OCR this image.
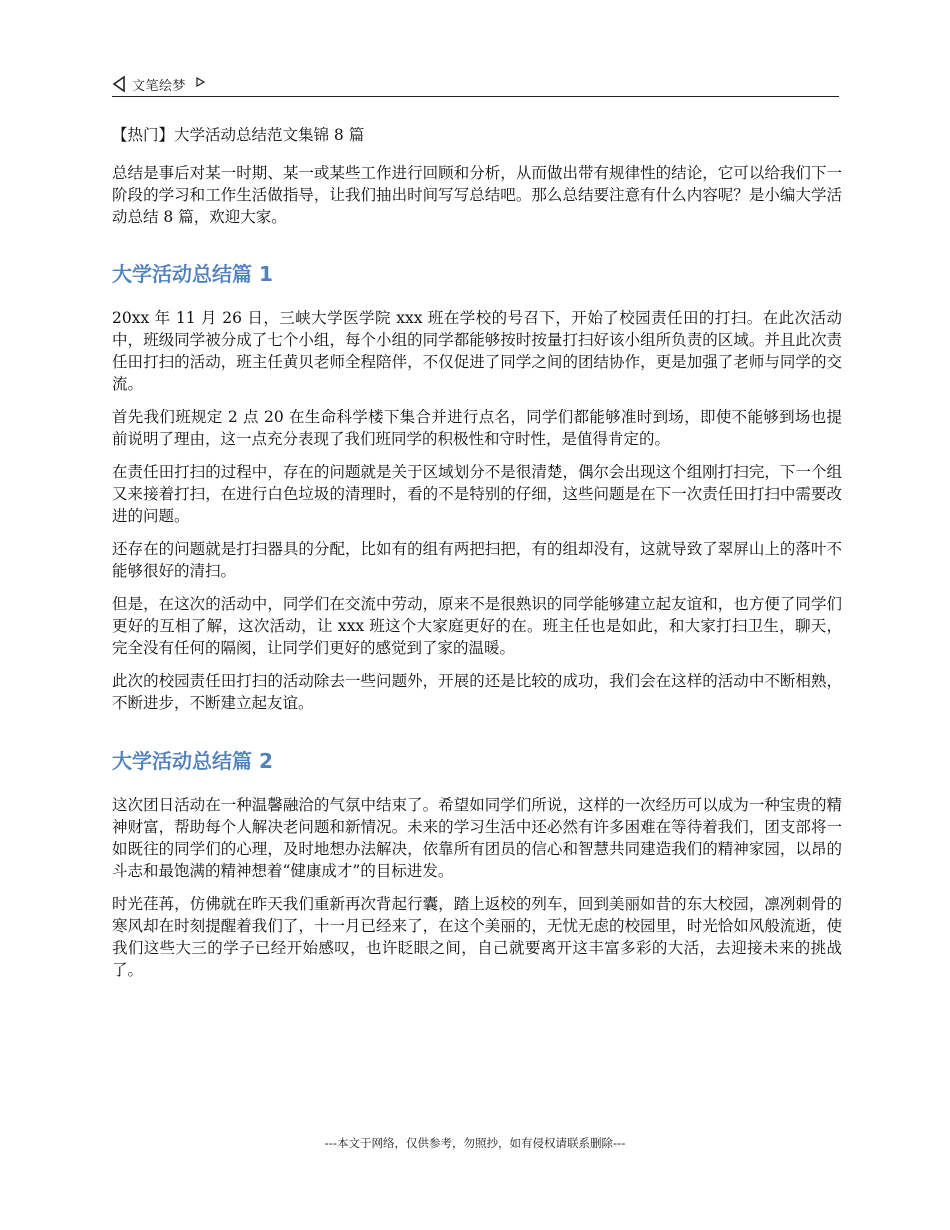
文笔绘梦
【热门】大学活动总结范文集锦 8 篇
总结是事后对某一时期、某一或某些工作进行回顾和分析，从而做出带有规律性的结论，它可以给我们下一阶段的学习和工作生活做指导，让我们抽出时间写写总结吧。那么总结要注意有什么内容呢？是小编大学活动总结 8 篇，欢迎大家。
大学活动总结篇 1
20xx 年 11 月 26 日，三峡大学医学院 xxx 班在学校的号召下，开始了校园责任田的打扫。在此次活动中，班级同学被分成了七个小组，每个小组的同学都能够按时按量打扫好该小组所负责的区域。并且此次责任田打扫的活动，班主任黄贝老师全程陪伴，不仅促进了同学之间的团结协作，更是加强了老师与同学的交流。
首先我们班规定 2 点 20 在生命科学楼下集合并进行点名，同学们都能够准时到场，即使不能够到场也提前说明了理由，这一点充分表现了我们班同学的积极性和守时性，是值得肯定的。
在责任田打扫的过程中，存在的问题就是关于区域划分不是很清楚，偶尔会出现这个组刚打扫完，下一个组又来接着打扫，在进行白色垃圾的清理时，看的不是特别的仔细，这些问题是在下一次责任田打扫中需要改进的问题。
还存在的问题就是打扫器具的分配，比如有的组有两把扫把，有的组却没有，这就导致了翠屏山上的落叶不能够很好的清扫。
但是，在这次的活动中，同学们在交流中劳动，原来不是很熟识的同学能够建立起友谊和，也方便了同学们更好的互相了解，这次活动，让 xxx 班这个大家庭更好的在。班主任也是如此，和大家打扫卫生，聊天，完全没有任何的隔阂，让同学们更好的感觉到了家的温暖。
此次的校园责任田打扫的活动除去一些问题外，开展的还是比较的成功，我们会在这样的活动中不断相熟，不断进步，不断建立起友谊。
大学活动总结篇 2
这次团日活动在一种温馨融洽的气氛中结束了。希望如同学们所说，这样的一次经历可以成为一种宝贵的精神财富，帮助每个人解决老问题和新情况。未来的学习生活中还必然有许多困难在等待着我们，团支部将一如既往的同学们的心理，及时地想办法解决，依靠所有团员的信心和智慧共同建造我们的精神家园，以昂的斗志和最饱满的精神想着“健康成才”的目标进发。
时光荏苒，仿佛就在昨天我们重新再次背起行囊，踏上返校的列车，回到美丽如昔的东大校园，凛冽刺骨的寒风却在时刻提醒着我们了，十一月已经来了，在这个美丽的，无忧无虑的校园里，时光恰如风般流逝，使我们这些大三的学子已经开始感叹，也许眨眼之间，自己就要离开这丰富多彩的大活，去迎接未来的挑战了。
---本文于网络，仅供参考，勿照抄，如有侵权请联系删除---
